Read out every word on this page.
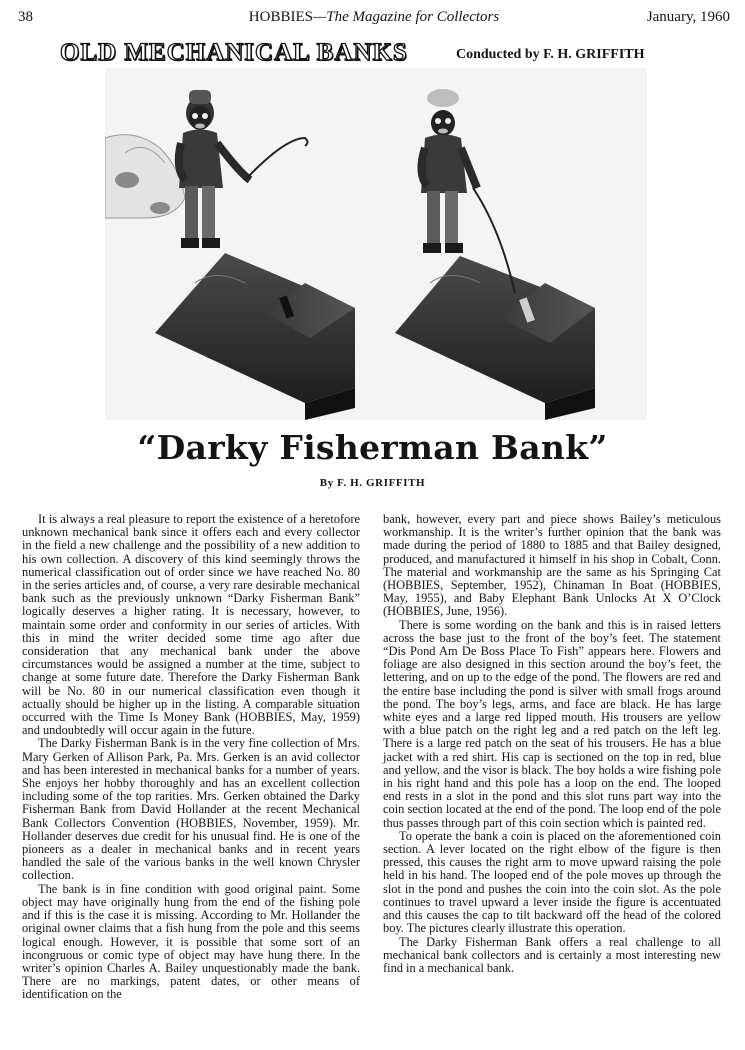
38	HOBBIES—The Magazine for Collectors	January, 1960
OLD MECHANICAL BANKS	Conducted by F. H. GRIFFITH
“Darky Fisherman Bank”
By F. H. GRIFFITH

It is always a real pleasure to report the existence of a heretofore unknown mechanical bank since it offers each and every collector in the field a new challenge and the possibility of a new addition to his own collection. A discovery of this kind seemingly throws the numerical classification out of order since we have reached No. 80 in the series articles and, of course, a very rare desirable mechanical bank such as the previously unknown “Darky Fisherman Bank” logically deserves a higher rating. It is necessary, however, to maintain some order and conformity in our series of articles. With this in mind the writer decided some time ago after due consideration that any mechanical bank under the above circumstances would be assigned a number at the time, subject to change at some future date. Therefore the Darky Fisherman Bank will be No. 80 in our numerical classification even though it actually should be higher up in the listing. A comparable situation occurred with the Time Is Money Bank (HOBBIES, May, 1959) and undoubtedly will occur again in the future.

The Darky Fisherman Bank is in the very fine collection of Mrs. Mary Gerken of Allison Park, Pa. Mrs. Gerken is an avid collector and has been interested in mechanical banks for a number of years. She enjoys her hobby thoroughly and has an excellent collection including some of the top rarities. Mrs. Gerken obtained the Darky Fisherman Bank from David Hollander at the recent Mechanical Bank Collectors Convention (HOBBIES, November, 1959). Mr. Hollander deserves due credit for his unusual find. He is one of the pioneers as a dealer in mechanical banks and in recent years handled the sale of the various banks in the well known Chrysler collection.

The bank is in fine condition with good original paint. Some object may have originally hung from the end of the fishing pole and if this is the case it is missing. According to Mr. Hollander the original owner claims that a fish hung from the pole and this seems logical enough. However, it is possible that some sort of an incongruous or comic type of object may have hung there. In the writer’s opinion Charles A. Bailey unquestionably made the bank. There are no markings, patent dates, or other means of identification on the

bank, however, every part and piece shows Bailey’s meticulous workmanship. It is the writer’s further opinion that the bank was made during the period of 1880 to 1885 and that Bailey designed, produced, and manufactured it himself in his shop in Cobalt, Conn. The material and workmanship are the same as his Springing Cat (HOBBIES, September, 1952), Chinaman In Boat (HOBBIES, May, 1955), and Baby Elephant Bank Unlocks At X O’Clock (HOBBIES, June, 1956).

There is some wording on the bank and this is in raised letters across the base just to the front of the boy’s feet. The statement “Dis Pond Am De Boss Place To Fish” appears here. Flowers and foliage are also designed in this section around the boy’s feet, the lettering, and on up to the edge of the pond. The flowers are red and the entire base including the pond is silver with small frogs around the pond. The boy’s legs, arms, and face are black. He has large white eyes and a large red lipped mouth. His trousers are yellow with a blue patch on the right leg and a red patch on the left leg. There is a large red patch on the seat of his trousers. He has a blue jacket with a red shirt. His cap is sectioned on the top in red, blue and yellow, and the visor is black. The boy holds a wire fishing pole in his right hand and this pole has a loop on the end. The looped end rests in a slot in the pond and this slot runs part way into the coin section located at the end of the pond. The loop end of the pole thus passes through part of this coin section which is painted red.

To operate the bank a coin is placed on the aforementioned coin section. A lever located on the right elbow of the figure is then pressed, this causes the right arm to move upward raising the pole held in his hand. The looped end of the pole moves up through the slot in the pond and pushes the coin into the coin slot. As the pole continues to travel upward a lever inside the figure is accentuated and this causes the cap to tilt backward off the head of the colored boy. The pictures clearly illustrate this operation.

The Darky Fisherman Bank offers a real challenge to all mechanical bank collectors and is certainly a most interesting new find in a mechanical bank.
